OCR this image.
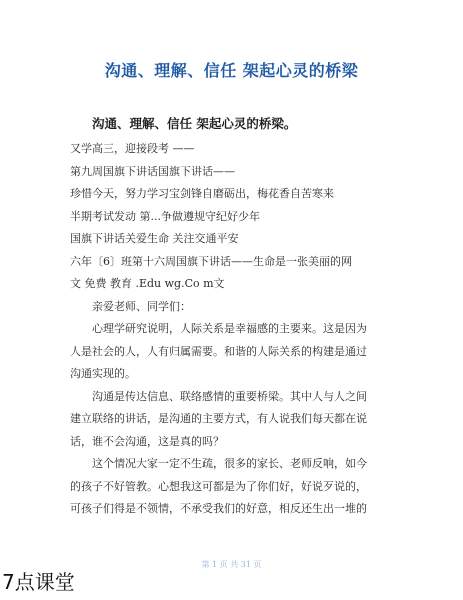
沟通、理解、信任 架起心灵的桥梁
沟通、理解、信任 架起心灵的桥梁。
又学高三，迎接段考 ——
第九周国旗下讲话国旗下讲话——
珍惜今天，努力学习宝剑锋自磨砺出，梅花香自苦寒来
半期考试发动 第...争做遵规守纪好少年
国旗下讲话关爱生命 关注交通平安
六年〔6〕班第十六周国旗下讲话——生命是一张美丽的网
文 免费 教育 .Edu wg.Co m文
亲爱老师、同学们：
心理学研究说明，人际关系是幸福感的主要来。这是因为
人是社会的人，人有归属需要。和谐的人际关系的构建是通过
沟通实现的。
沟通是传达信息、联络感情的重要桥梁。其中人与人之间
建立联络的讲话，是沟通的主要方式，有人说我们每天都在说
话，谁不会沟通，这是真的吗？
这个情况大家一定不生疏，很多的家长、老师反响，如今
的孩子不好管教。心想我这可都是为了你们好，好说歹说的，
可孩子们得是不领情，不承受我们的好意，相反还生出一堆的
第 1 页 共 31 页
7点课堂
